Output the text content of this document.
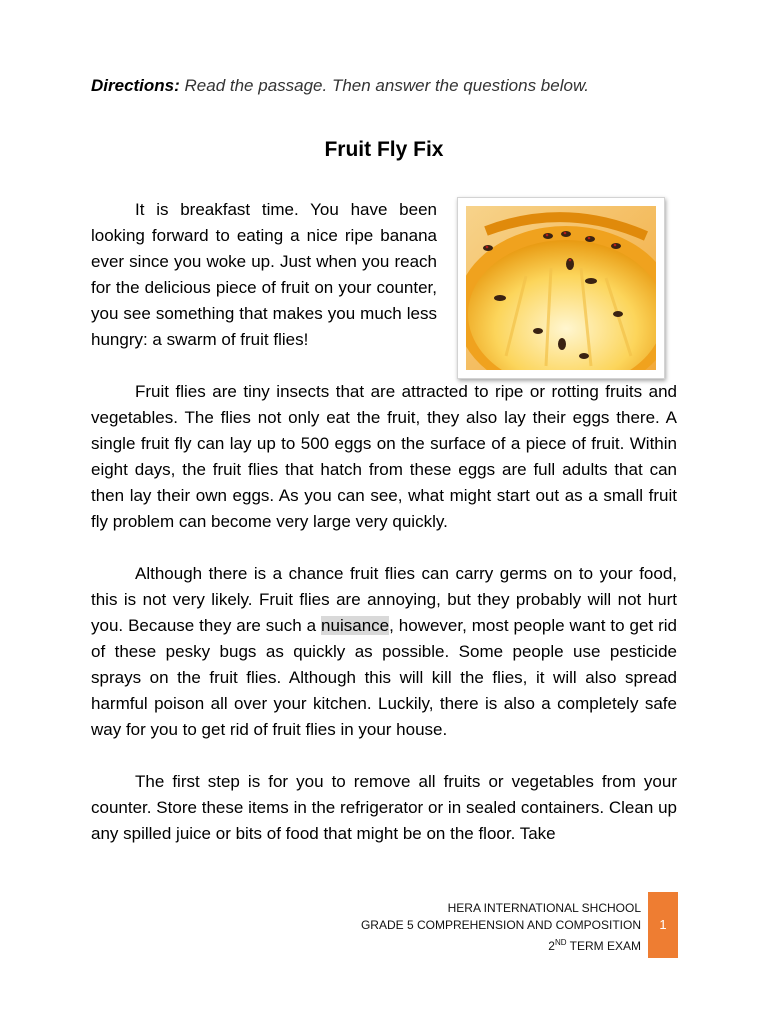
Directions: Read the passage. Then answer the questions below.
Fruit Fly Fix

It is breakfast time. You have been looking forward to eating a nice ripe banana ever since you woke up. Just when you reach for the delicious piece of fruit on your counter, you see something that makes you much less hungry: a swarm of fruit flies!

Fruit flies are tiny insects that are attracted to ripe or rotting fruits and vegetables. The flies not only eat the fruit, they also lay their eggs there. A single fruit fly can lay up to 500 eggs on the surface of a piece of fruit. Within eight days, the fruit flies that hatch from these eggs are full adults that can then lay their own eggs. As you can see, what might start out as a small fruit fly problem can become very large very quickly.

Although there is a chance fruit flies can carry germs on to your food, this is not very likely. Fruit flies are annoying, but they probably will not hurt you. Because they are such a nuisance, however, most people want to get rid of these pesky bugs as quickly as possible. Some people use pesticide sprays on the fruit flies. Although this will kill the flies, it will also spread harmful poison all over your kitchen. Luckily, there is also a completely safe way for you to get rid of fruit flies in your house.

The first step is for you to remove all fruits or vegetables from your counter. Store these items in the refrigerator or in sealed containers. Clean up any spilled juice or bits of food that might be on the floor. Take

HERA INTERNATIONAL SHCHOOL
GRADE 5 COMPREHENSION AND COMPOSITION
2ND TERM EXAM
1
